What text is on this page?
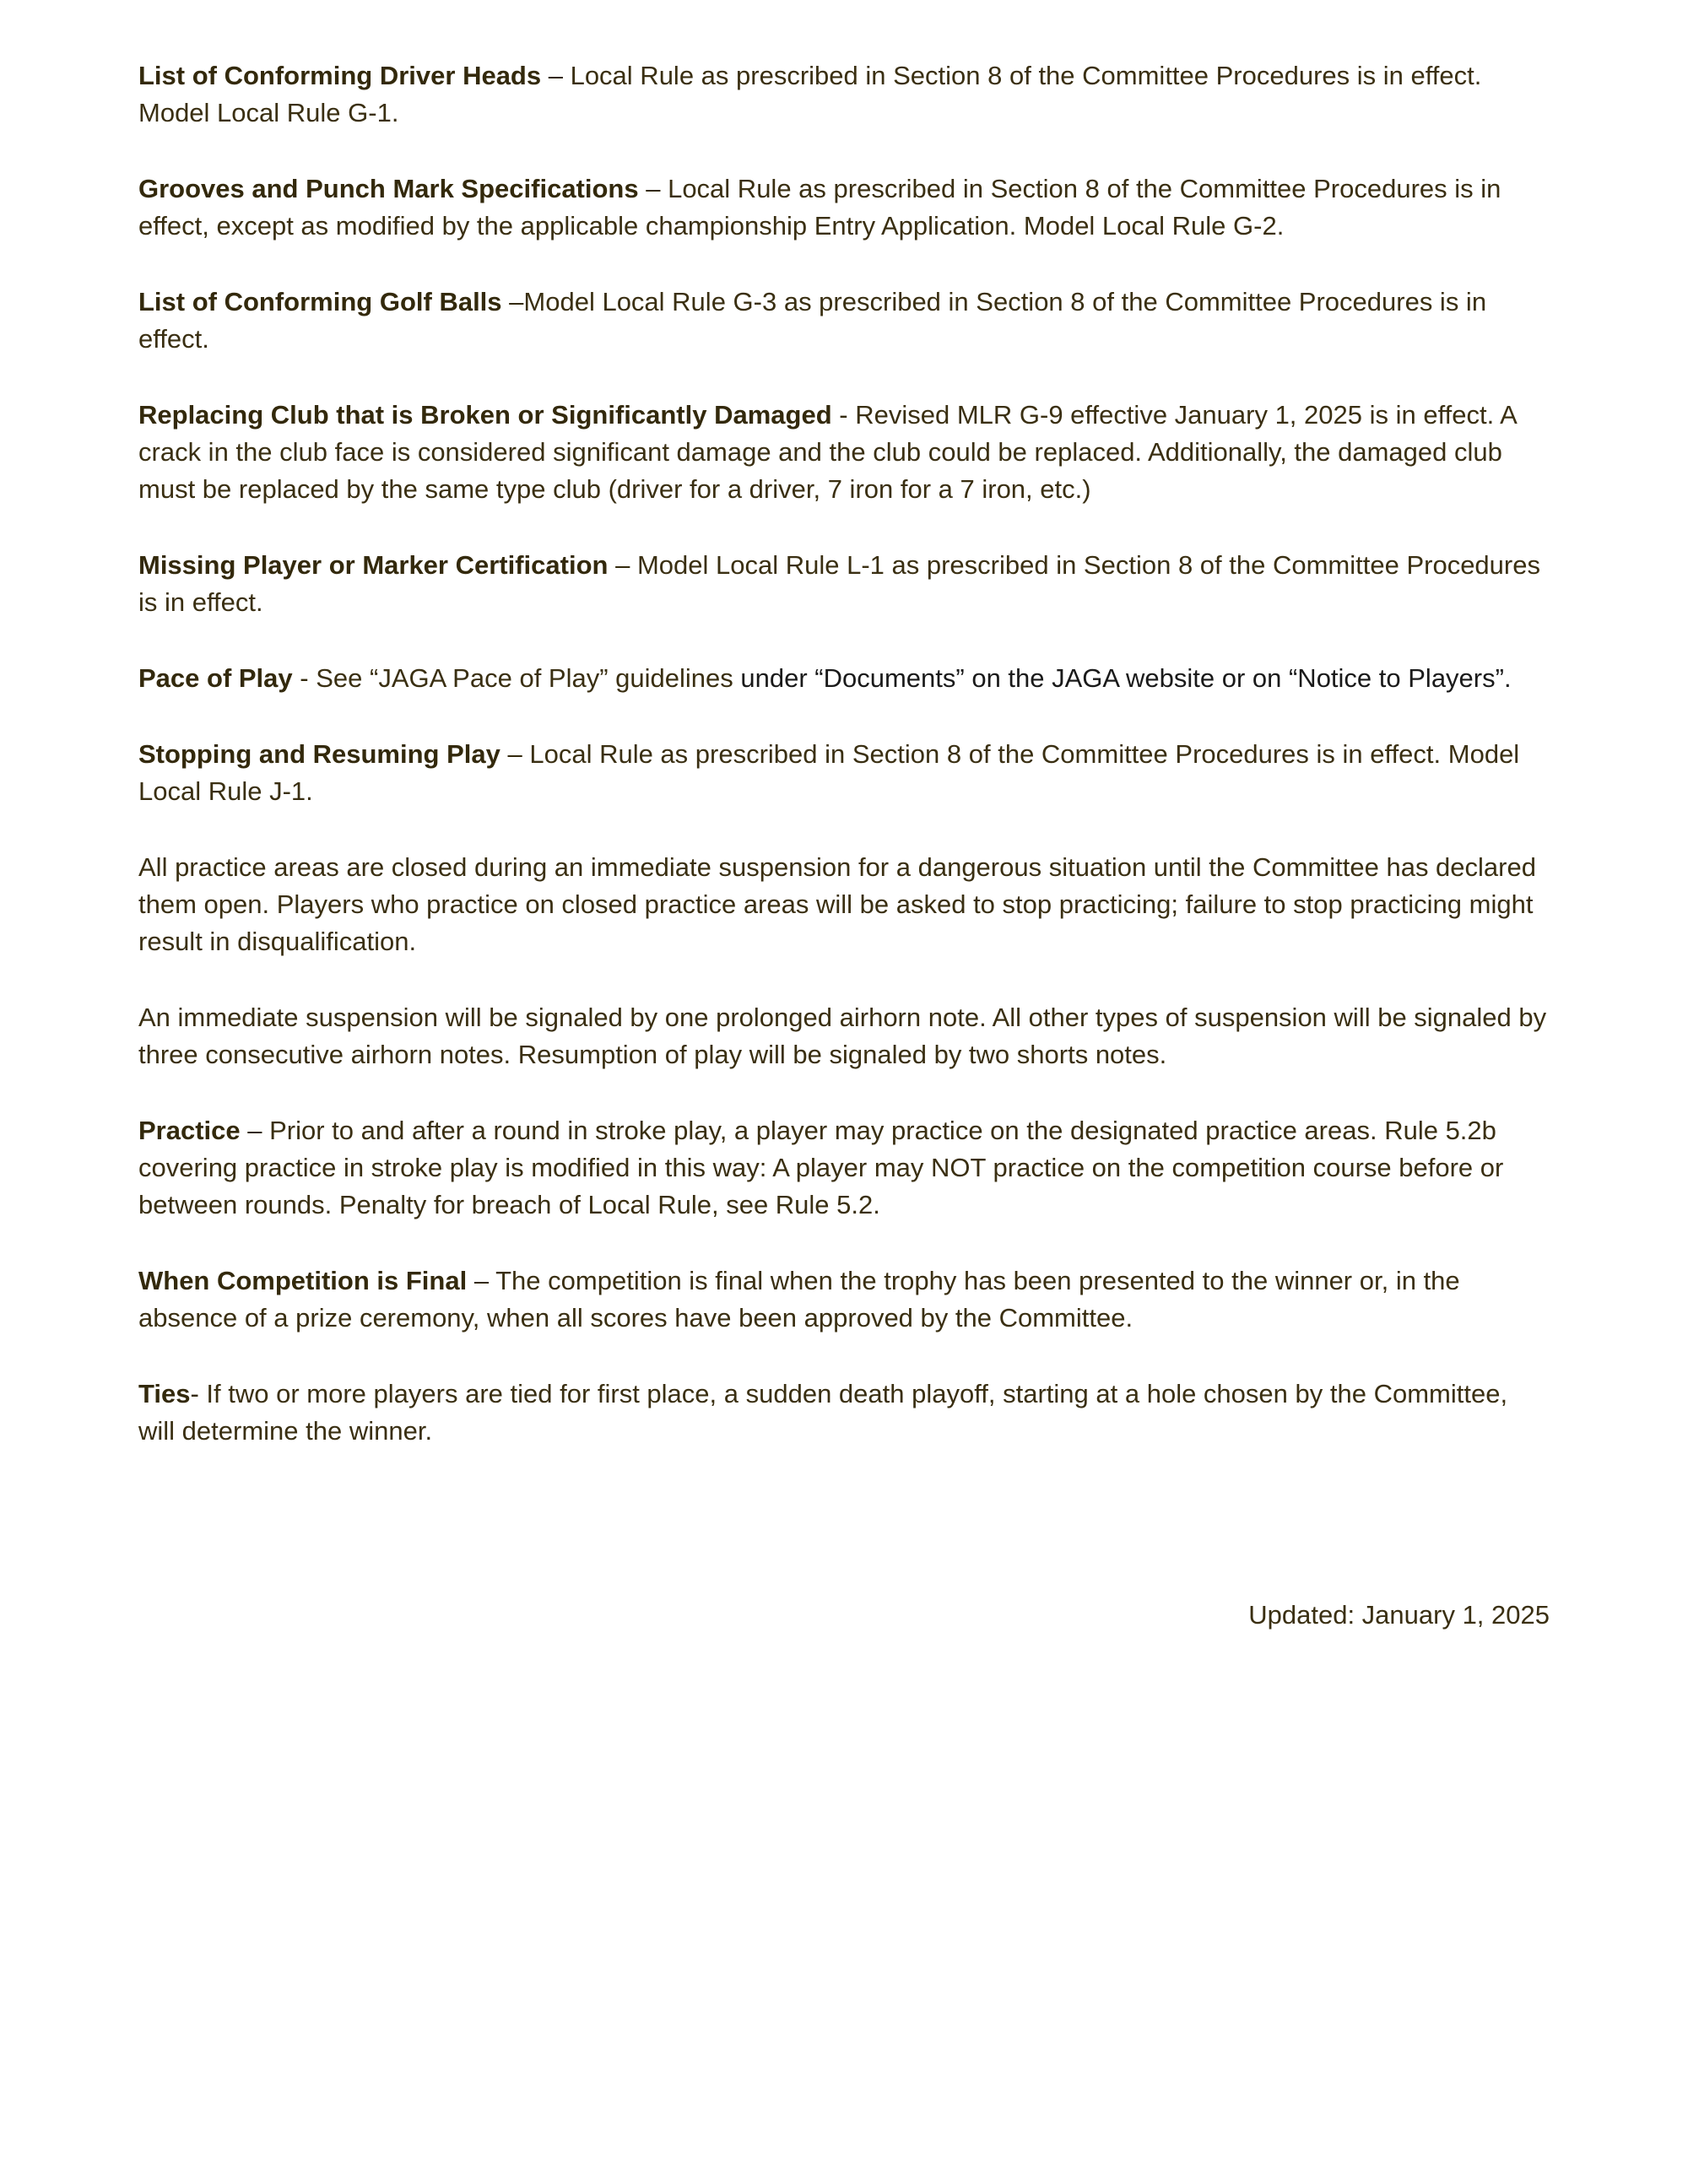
List of Conforming Driver Heads – Local Rule as prescribed in Section 8 of the Committee Procedures is in effect. Model Local Rule G-1.

Grooves and Punch Mark Specifications – Local Rule as prescribed in Section 8 of the Committee Procedures is in effect, except as modified by the applicable championship Entry Application. Model Local Rule G-2.

List of Conforming Golf Balls –Model Local Rule G-3 as prescribed in Section 8 of the Committee Procedures is in effect.

Replacing Club that is Broken or Significantly Damaged - Revised MLR G-9 effective January 1, 2025 is in effect. A crack in the club face is considered significant damage and the club could be replaced. Additionally, the damaged club must be replaced by the same type club (driver for a driver, 7 iron for a 7 iron, etc.)

Missing Player or Marker Certification – Model Local Rule L-1 as prescribed in Section 8 of the Committee Procedures is in effect.

Pace of Play - See “JAGA Pace of Play” guidelines under “Documents” on the JAGA website or on “Notice to Players”.

Stopping and Resuming Play – Local Rule as prescribed in Section 8 of the Committee Procedures is in effect. Model Local Rule J-1.

All practice areas are closed during an immediate suspension for a dangerous situation until the Committee has declared them open. Players who practice on closed practice areas will be asked to stop practicing; failure to stop practicing might result in disqualification.

An immediate suspension will be signaled by one prolonged airhorn note. All other types of suspension will be signaled by three consecutive airhorn notes. Resumption of play will be signaled by two shorts notes.

Practice – Prior to and after a round in stroke play, a player may practice on the designated practice areas. Rule 5.2b covering practice in stroke play is modified in this way: A player may NOT practice on the competition course before or between rounds. Penalty for breach of Local Rule, see Rule 5.2.

When Competition is Final – The competition is final when the trophy has been presented to the winner or, in the absence of a prize ceremony, when all scores have been approved by the Committee.

Ties- If two or more players are tied for first place, a sudden death playoff, starting at a hole chosen by the Committee, will determine the winner.

Updated: January 1, 2025
